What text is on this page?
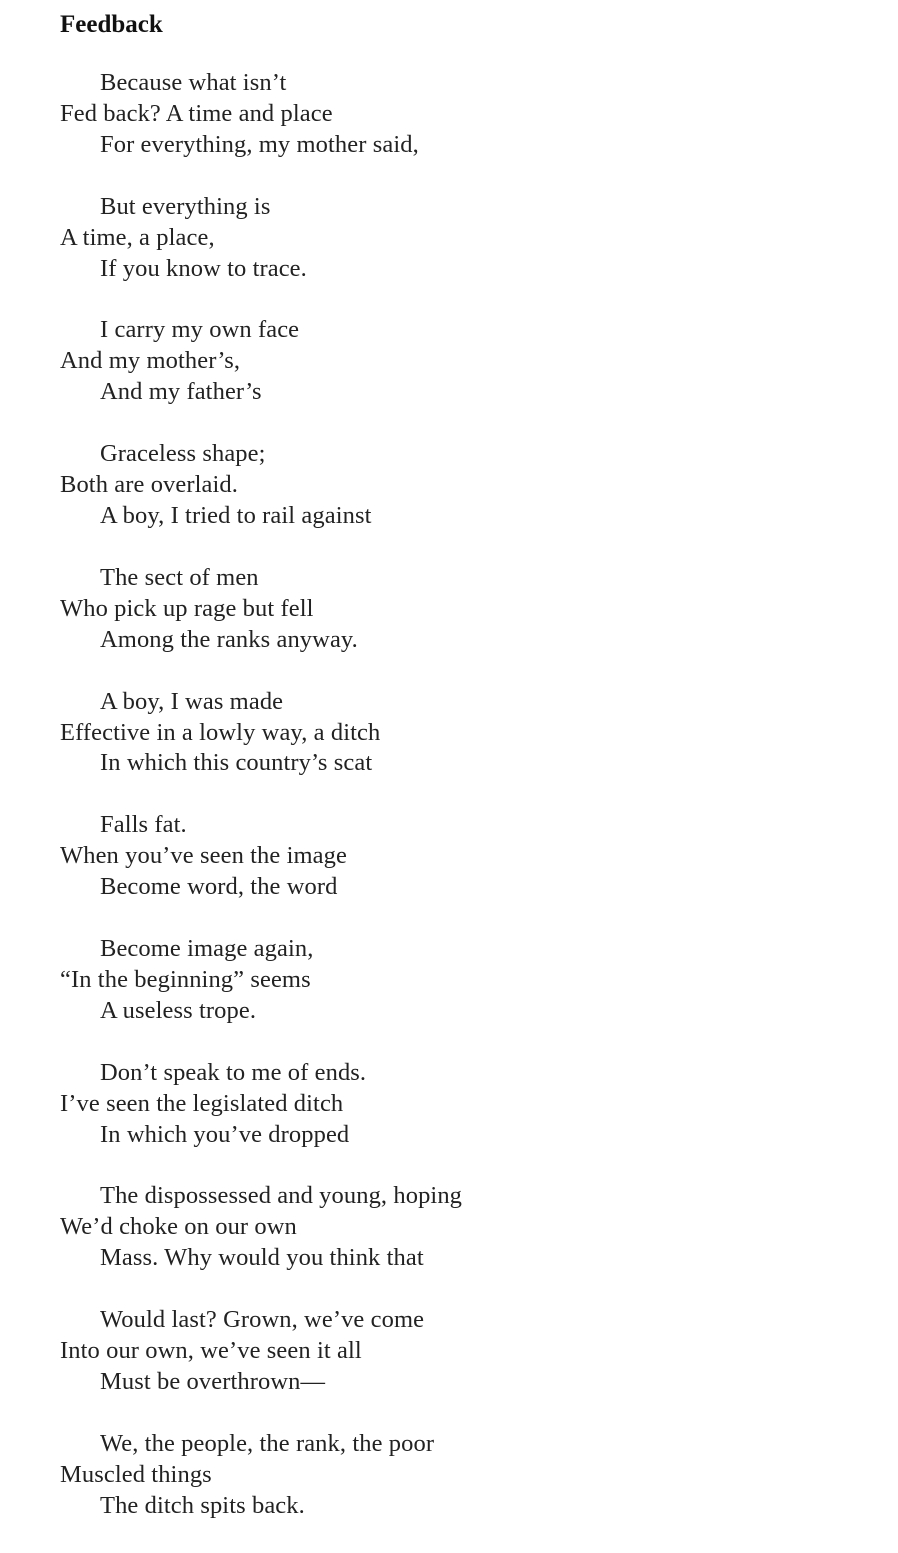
Feedback
Because what isn’t
Fed back? A time and place
For everything, my mother said,
But everything is
A time, a place,
If you know to trace.
I carry my own face
And my mother’s,
And my father’s
Graceless shape;
Both are overlaid.
A boy, I tried to rail against
The sect of men
Who pick up rage but fell
Among the ranks anyway.
A boy, I was made
Effective in a lowly way, a ditch
In which this country’s scat
Falls fat.
When you’ve seen the image
Become word, the word
Become image again,
“In the beginning” seems
A useless trope.
Don’t speak to me of ends.
I’ve seen the legislated ditch
In which you’ve dropped
The dispossessed and young, hoping
We’d choke on our own
Mass. Why would you think that
Would last? Grown, we’ve come
Into our own, we’ve seen it all
Must be overthrown—
We, the people, the rank, the poor
Muscled things
The ditch spits back.
